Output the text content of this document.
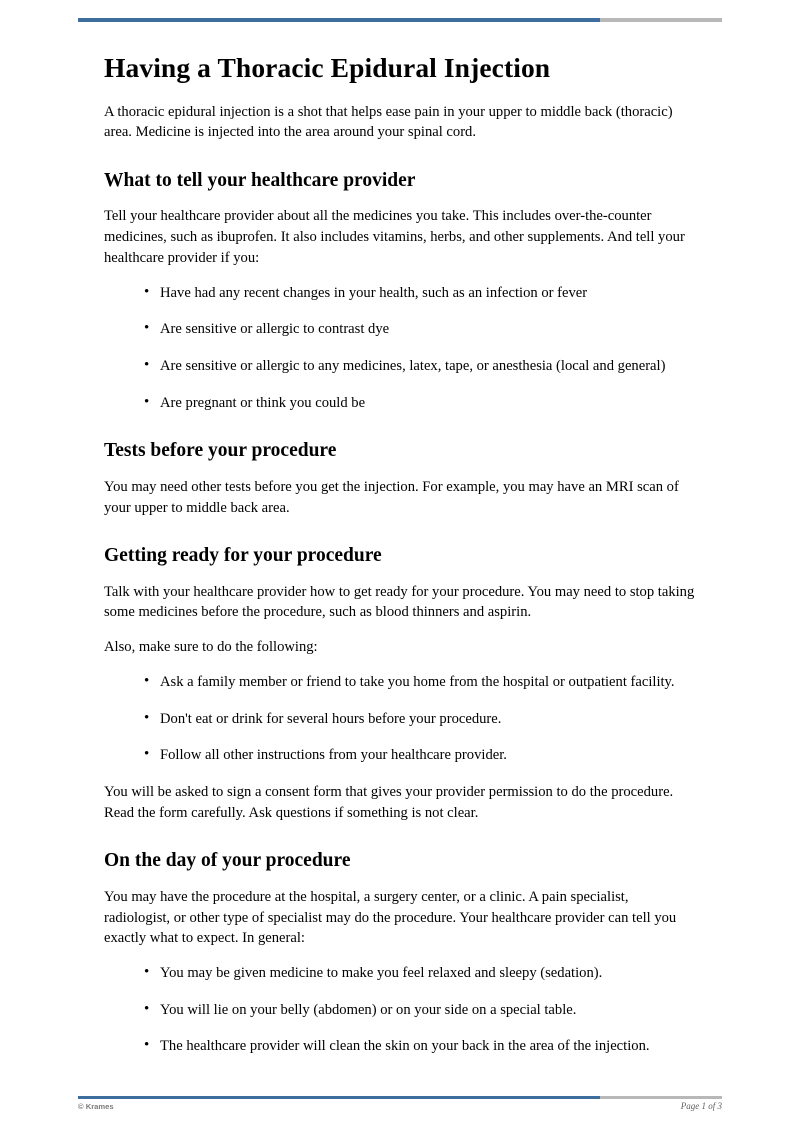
Having a Thoracic Epidural Injection

A thoracic epidural injection is a shot that helps ease pain in your upper to middle back (thoracic) area. Medicine is injected into the area around your spinal cord.

What to tell your healthcare provider

Tell your healthcare provider about all the medicines you take. This includes over-the-counter medicines, such as ibuprofen. It also includes vitamins, herbs, and other supplements. And tell your healthcare provider if you:

• Have had any recent changes in your health, such as an infection or fever
• Are sensitive or allergic to contrast dye
• Are sensitive or allergic to any medicines, latex, tape, or anesthesia (local and general)
• Are pregnant or think you could be
Tests before your procedure

You may need other tests before you get the injection. For example, you may have an MRI scan of your upper to middle back area.

Getting ready for your procedure

Talk with your healthcare provider how to get ready for your procedure. You may need to stop taking some medicines before the procedure, such as blood thinners and aspirin.

Also, make sure to do the following:

• Ask a family member or friend to take you home from the hospital or outpatient facility.
• Don't eat or drink for several hours before your procedure.
• Follow all other instructions from your healthcare provider.

You will be asked to sign a consent form that gives your provider permission to do the procedure. Read the form carefully. Ask questions if something is not clear.

On the day of your procedure

You may have the procedure at the hospital, a surgery center, or a clinic. A pain specialist, radiologist, or other type of specialist may do the procedure. Your healthcare provider can tell you exactly what to expect. In general:

• You may be given medicine to make you feel relaxed and sleepy (sedation).
• You will lie on your belly (abdomen) or on your side on a special table.
• The healthcare provider will clean the skin on your back in the area of the injection.
© Krames	Page 1 of 3
